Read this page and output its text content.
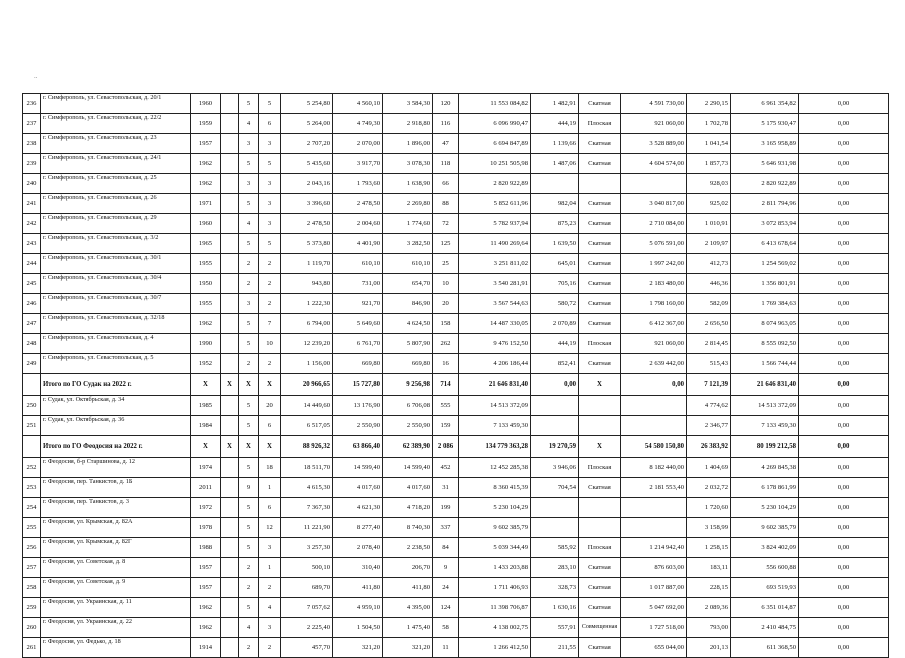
..
236	г. Симферополь, ул. Севастопольская, д. 20/1	1960		5	5	5 254,80	4 560,10	3 584,30	120	11 553 084,82	1 482,91	Скатная	4 591 730,00	2 290,15	6 961 354,82	0,00
237	г. Симферополь, ул. Севастопольская, д. 22/2	1959		4	6	5 264,00	4 749,30	2 918,80	116	6 096 990,47	444,19	Плоская	921 060,00	1 702,78	5 175 930,47	0,00
238	г. Симферополь, ул. Севастопольская, д. 23	1957		3	3	2 707,20	2 070,00	1 896,00	47	6 694 847,89	1 139,66	Скатная	3 528 889,00	1 041,54	3 165 958,89	0,00
239	г. Симферополь, ул. Севастопольская, д. 24/1	1962		5	5	5 435,60	3 917,70	3 078,30	118	10 251 505,98	1 487,06	Скатная	4 604 574,00	1 857,73	5 646 931,98	0,00
240	г. Симферополь, ул. Севастопольская, д. 25	1962		3	3	2 043,16	1 793,60	1 638,90	66	2 820 922,89				928,03	2 820 922,89	0,00
241	г. Симферополь, ул. Севастопольская, д. 26	1971		5	3	3 396,60	2 478,50	2 269,80	88	5 852 611,96	982,04	Скатная	3 040 817,00	925,02	2 811 794,96	0,00
242	г. Симферополь, ул. Севастопольская, д. 29	1960		4	3	2 478,50	2 004,60	1 774,60	72	5 782 937,94	875,23	Скатная	2 710 084,00	1 010,91	3 072 853,94	0,00
243	г. Симферополь, ул. Севастопольская, д. 3/2	1965		5	5	5 373,80	4 401,90	3 282,50	125	11 490 269,64	1 639,50	Скатная	5 076 591,00	2 109,97	6 413 678,64	0,00
244	г. Симферополь, ул. Севастопольская, д. 30/1	1955		2	2	1 119,70	610,10	610,10	25	3 251 811,02	645,01	Скатная	1 997 242,00	412,73	1 254 569,02	0,00
245	г. Симферополь, ул. Севастопольская, д. 30/4	1950		2	2	943,80	731,00	654,70	10	3 540 281,91	705,16	Скатная	2 183 480,00	446,36	1 356 801,91	0,00
246	г. Симферополь, ул. Севастопольская, д. 30/7	1955		3	2	1 222,30	921,70	846,90	20	3 567 544,63	580,72	Скатная	1 798 160,00	582,09	1 769 384,63	0,00
247	г. Симферополь, ул. Севастопольская, д. 32/18	1962		5	7	6 794,00	5 649,60	4 624,50	158	14 487 330,05	2 070,89	Скатная	6 412 367,00	2 656,50	8 074 963,05	0,00
248	г. Симферополь, ул. Севастопольская, д. 4	1990		5	10	12 239,20	6 761,70	5 807,90	262	9 476 152,50	444,19	Плоская	921 060,00	2 814,45	8 555 092,50	0,00
249	г. Симферополь, ул. Севастопольская, д. 5	1952		2	2	1 156,00	669,80	669,80	16	4 206 186,44	852,41	Скатная	2 639 442,00	515,43	1 566 744,44	0,00
	Итого по ГО Судак на 2022 г.	X	X	X	X	20 966,65	15 727,80	9 256,98	714	21 646 831,40	0,00	X	0,00	7 121,39	21 646 831,40	0,00
250	г. Судак, ул. Октябрьская, д. 34	1985		5	20	14 449,60	13 176,90	6 706,08	555	14 513 372,09				4 774,62	14 513 372,09	0,00
251	г. Судак, ул. Октябрьская, д. 36	1984		5	6	6 517,05	2 550,90	2 550,90	159	7 133 459,30				2 346,77	7 133 459,30	0,00
	Итого по ГО Феодосия на 2022 г.	X	X	X	X	88 926,32	63 866,40	62 389,90	2 086	134 779 363,28	19 270,59	X	54 580 150,80	26 383,92	80 199 212,58	0,00
252	г. Феодосия, б-р Старшинова, д. 12	1974		5	18	18 511,70	14 599,40	14 599,40	452	12 452 285,38	3 946,06	Плоская	8 182 440,00	1 404,69	4 269 845,38	0,00
253	г. Феодосия, пер. Танкистов, д. 1Б	2011		9	1	4 615,30	4 017,60	4 017,60	31	8 360 415,39	704,54	Скатная	2 181 553,40	2 032,72	6 178 861,99	0,00
254	г. Феодосия, пер. Танкистов, д. 3	1972		5	6	7 367,30	4 621,30	4 718,20	199	5 230 104,29				1 720,60	5 230 104,29	0,00
255	г. Феодосия, ул. Крымская, д. 82А	1978		5	12	11 221,90	8 277,40	8 740,30	337	9 602 385,79				3 158,99	9 602 385,79	0,00
256	г. Феодосия, ул. Крымская, д. 82Г	1988		5	3	3 257,30	2 078,40	2 238,50	84	5 039 344,49	585,92	Плоская	1 214 942,40	1 258,15	3 824 402,09	0,00
257	г. Феодосия, ул. Советская, д. 8	1957		2	1	500,10	310,40	206,70	9	1 433 203,88	283,10	Скатная	876 603,00	183,11	556 600,88	0,00
258	г. Феодосия, ул. Советская, д. 9	1957		2	2	689,70	411,80	411,80	24	1 711 406,93	328,73	Скатная	1 017 887,00	228,15	693 519,93	0,00
259	г. Феодосия, ул. Украинская, д. 11	1962		5	4	7 057,62	4 959,10	4 395,00	124	11 398 706,87	1 630,16	Скатная	5 047 692,00	2 089,36	6 351 014,87	0,00
260	г. Феодосия, ул. Украинская, д. 22	1962		4	3	2 225,40	1 504,50	1 475,40	58	4 138 002,75	557,91	Совмещенная	1 727 518,00	793,00	2 410 484,75	0,00
261	г. Феодосия, ул. Федько, д. 18	1914		2	2	457,70	321,20	321,20	11	1 266 412,50	211,55	Скатная	655 044,00	201,13	611 368,50	0,00
